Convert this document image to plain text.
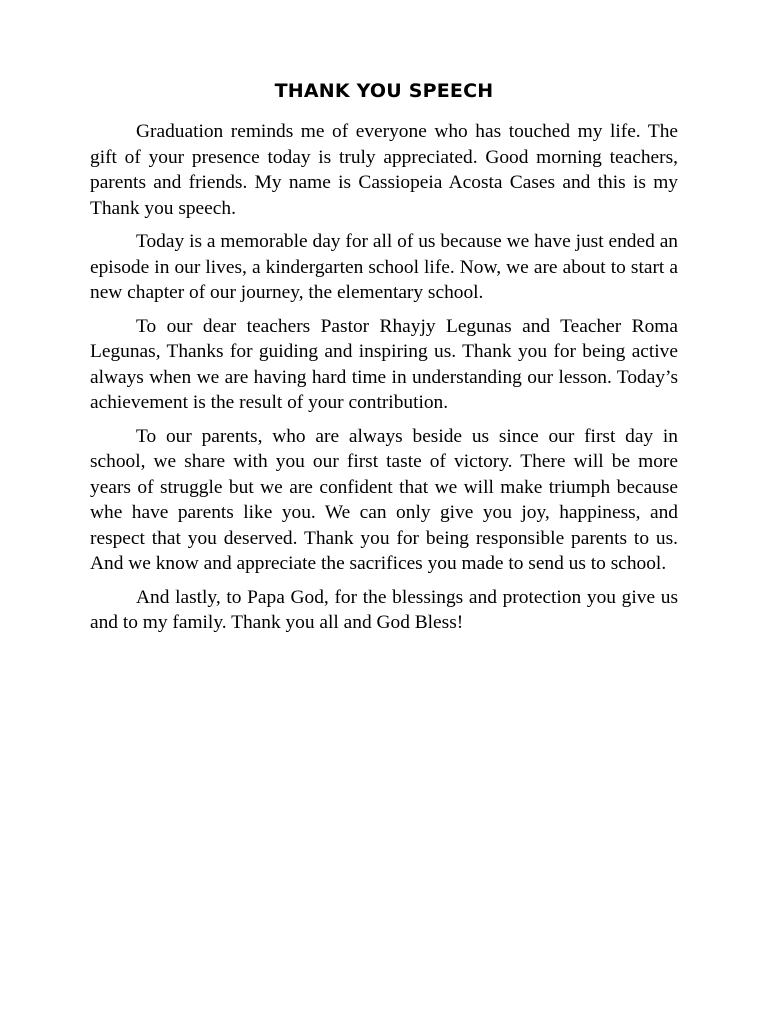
THANK YOU SPEECH

Graduation reminds me of everyone who has touched my life. The gift of your presence today is truly appreciated. Good morning teachers, parents and friends. My name is Cassiopeia Acosta Cases and this is my Thank you speech.

Today is a memorable day for all of us because we have just ended an episode in our lives, a kindergarten school life. Now, we are about to start a new chapter of our journey, the elementary school.

To our dear teachers Pastor Rhayjy Legunas and Teacher Roma Legunas, Thanks for guiding and inspiring us. Thank you for being active always when we are having hard time in understanding our lesson. Today’s achievement is the result of your contribution.

To our parents, who are always beside us since our first day in school, we share with you our first taste of victory. There will be more years of struggle but we are confident that we will make triumph because whe have parents like you. We can only give you joy, happiness, and respect that you deserved. Thank you for being responsible parents to us. And we know and appreciate the sacrifices you made to send us to school.

And lastly, to Papa God, for the blessings and protection you give us and to my family. Thank you all and God Bless!
